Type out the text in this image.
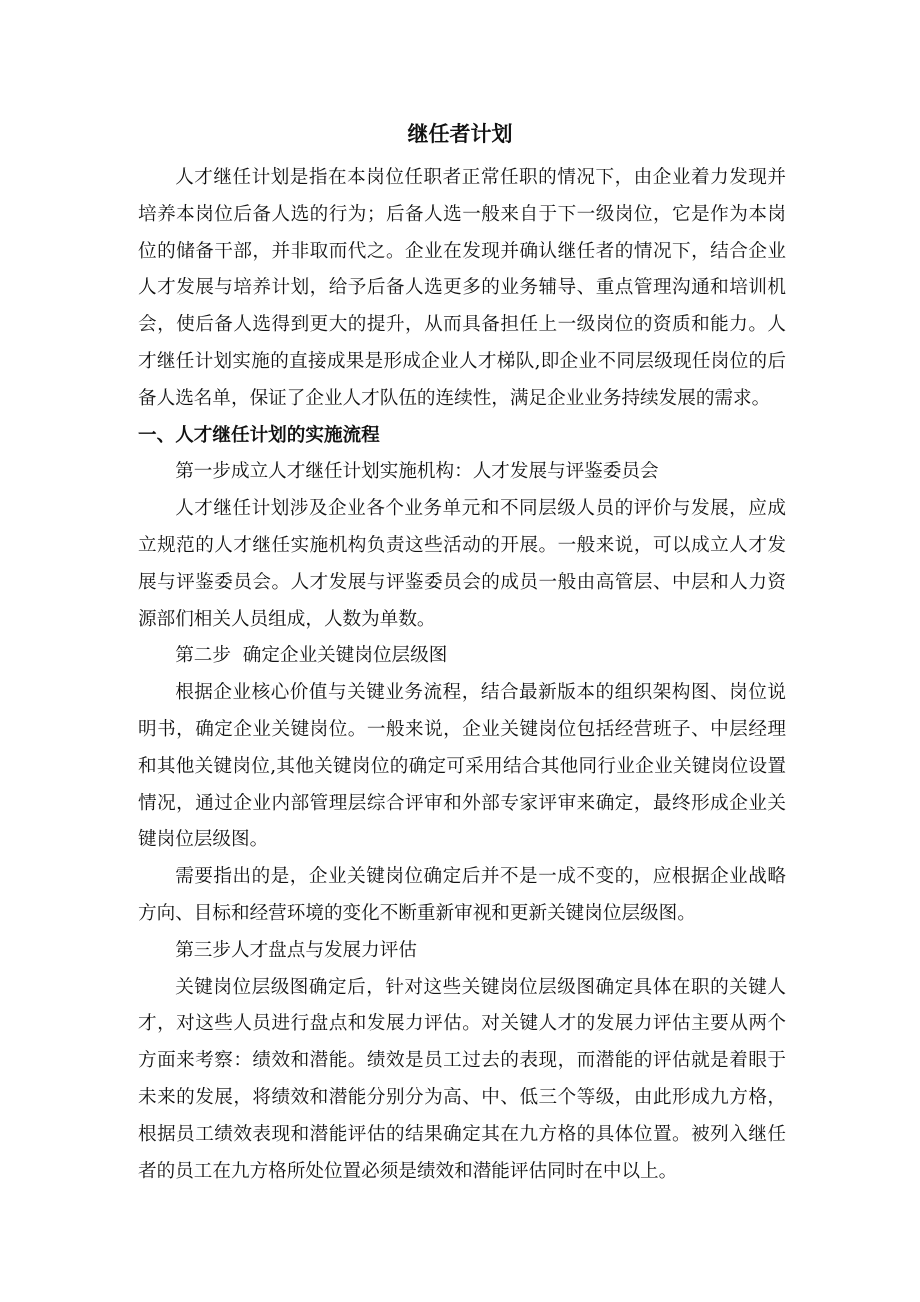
继任者计划

人才继任计划是指在本岗位任职者正常任职的情况下，由企业着力发现并培养本岗位后备人选的行为；后备人选一般来自于下一级岗位，它是作为本岗位的储备干部，并非取而代之。企业在发现并确认继任者的情况下，结合企业人才发展与培养计划，给予后备人选更多的业务辅导、重点管理沟通和培训机会，使后备人选得到更大的提升，从而具备担任上一级岗位的资质和能力。人才继任计划实施的直接成果是形成企业人才梯队,即企业不同层级现任岗位的后备人选名单，保证了企业人才队伍的连续性，满足企业业务持续发展的需求。

一、人才继任计划的实施流程

第一步成立人才继任计划实施机构：人才发展与评鉴委员会

人才继任计划涉及企业各个业务单元和不同层级人员的评价与发展，应成立规范的人才继任实施机构负责这些活动的开展。一般来说，可以成立人才发展与评鉴委员会。人才发展与评鉴委员会的成员一般由高管层、中层和人力资源部们相关人员组成，人数为单数。

第二步  确定企业关键岗位层级图

根据企业核心价值与关键业务流程，结合最新版本的组织架构图、岗位说明书，确定企业关键岗位。一般来说，企业关键岗位包括经营班子、中层经理和其他关键岗位,其他关键岗位的确定可采用结合其他同行业企业关键岗位设置情况，通过企业内部管理层综合评审和外部专家评审来确定，最终形成企业关键岗位层级图。

需要指出的是，企业关键岗位确定后并不是一成不变的，应根据企业战略方向、目标和经营环境的变化不断重新审视和更新关键岗位层级图。

第三步人才盘点与发展力评估

关键岗位层级图确定后，针对这些关键岗位层级图确定具体在职的关键人才，对这些人员进行盘点和发展力评估。对关键人才的发展力评估主要从两个方面来考察：绩效和潜能。绩效是员工过去的表现，而潜能的评估就是着眼于未来的发展，将绩效和潜能分别分为高、中、低三个等级，由此形成九方格，根据员工绩效表现和潜能评估的结果确定其在九方格的具体位置。被列入继任者的员工在九方格所处位置必须是绩效和潜能评估同时在中以上。
